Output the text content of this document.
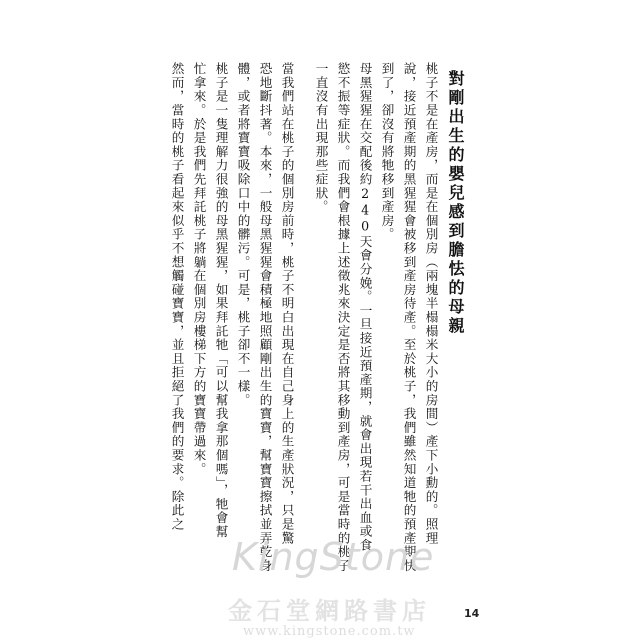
對剛出生的嬰兒感到膽怯的母親
桃子不是在產房，而是在個別房（兩塊半榻榻米大小的房間）產下小勳的。照理
說，接近預產期的黑猩猩會被移到產房待產。至於桃子，我們雖然知道牠的預產期快
到了，卻沒有將牠移到產房。
母黑猩猩在交配後約240天會分娩。一旦接近預產期，就會出現若干出血或食
慾不振等症狀。而我們會根據上述徵兆來決定是否將其移動到產房，可是當時的桃子
一直沒有出現那些症狀。
當我們站在桃子的個別房前時，桃子不明白出現在自己身上的生產狀況，只是驚
恐地斷抖著。本來，一般母黑猩猩會積極地照顧剛出生的寶寶，幫寶寶擦拭並弄乾身
體，或者將寶寶吸除口中的髒污。可是，桃子卻不一樣。
桃子是一隻理解力很強的母黑猩猩，如果拜託牠「可以幫我拿那個嗎」，牠會幫
忙拿來。於是我們先拜託桃子將躺在個別房樓梯下方的寶寶帶過來。
然而，當時的桃子看起來似乎不想觸碰寶寶，並且拒絕了我們的要求。除此之
14
KingStone
金石堂網路書店
www.kingstone.com.tw
